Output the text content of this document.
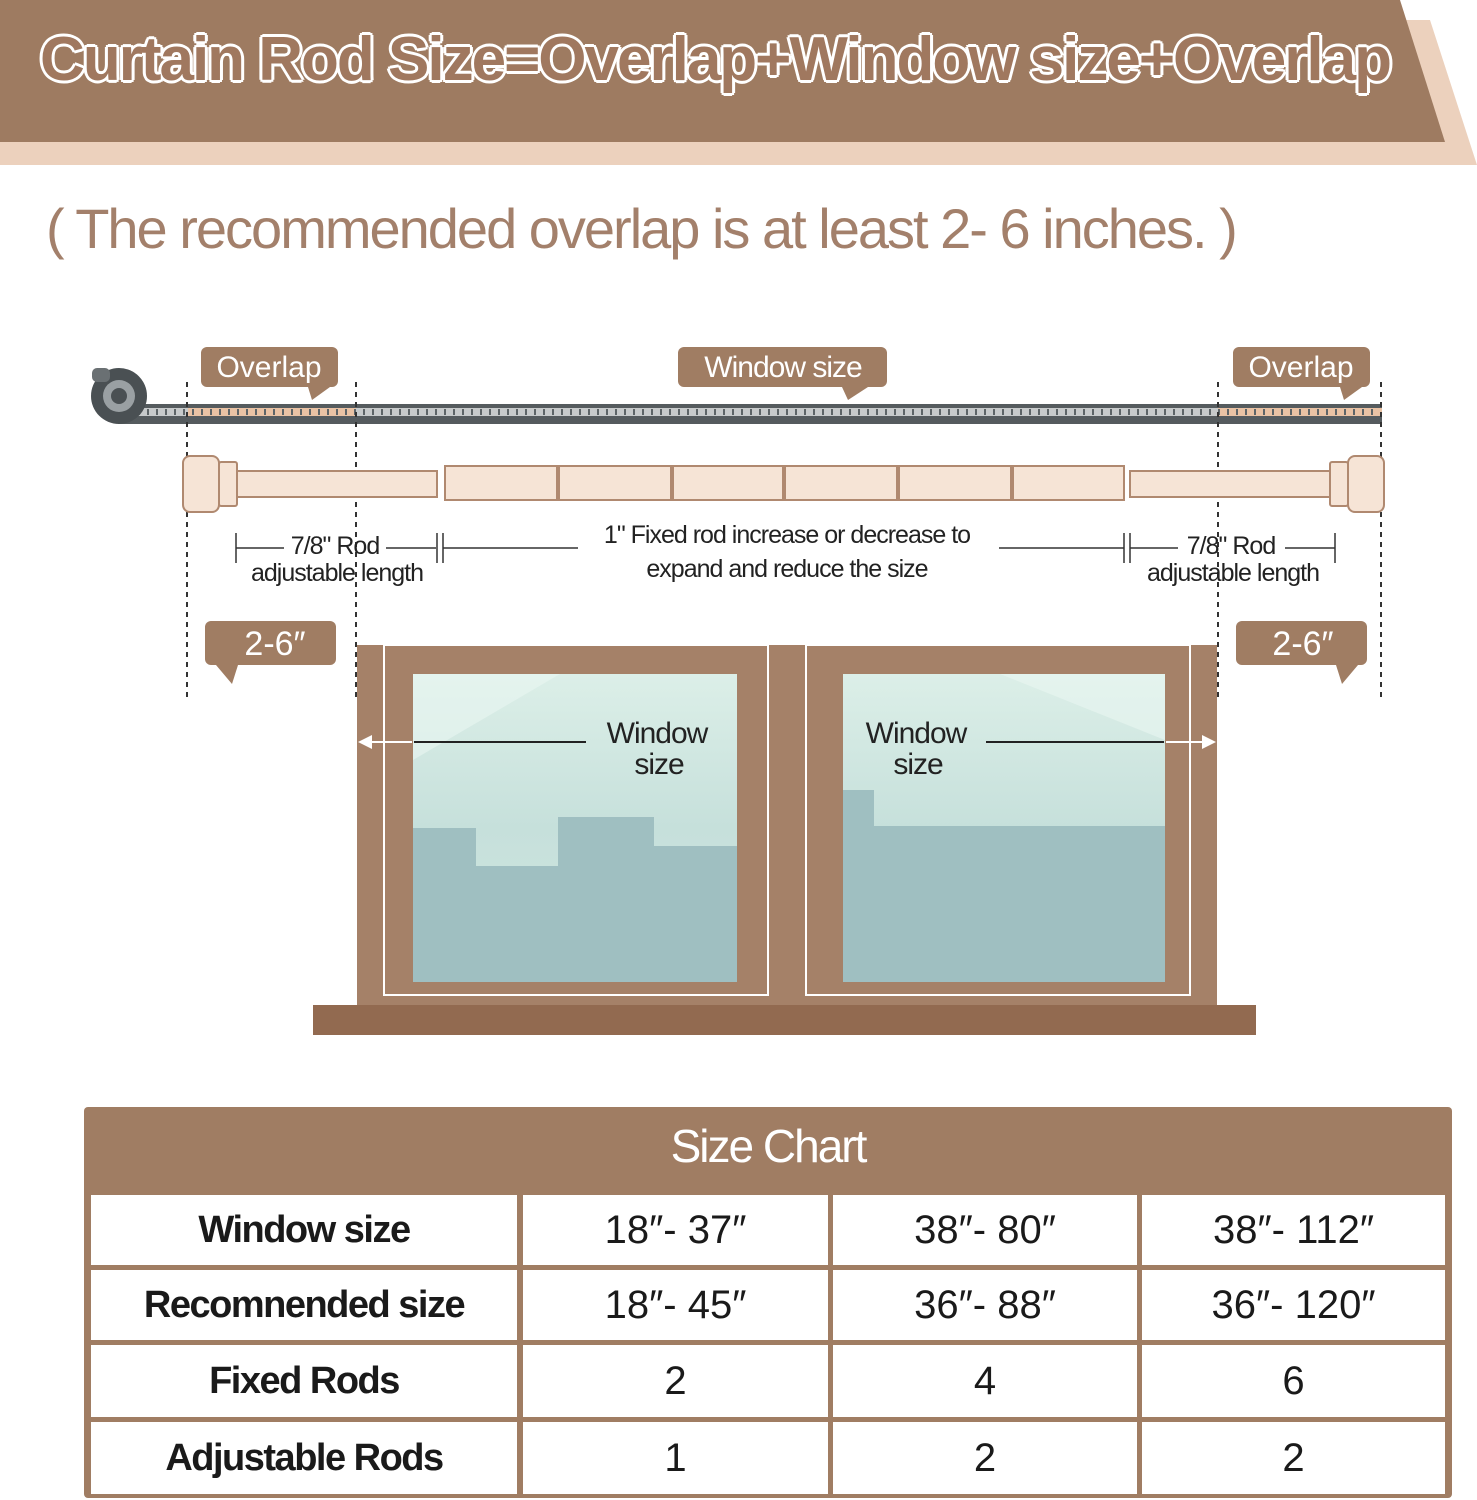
Curtain Rod Size=Overlap+Window size+Overlap
( The recommended overlap is at least 2- 6 inches. )
Overlap	Window size	Overlap
7/8" Rod
adjustable length
1" Fixed rod increase or decrease to
expand and reduce the size
7/8" Rod
adjustable length
2-6″	2-6″
Window
size
Window
size
Size Chart
Window size	18″- 37″	38″- 80″	38″- 112″
Recomnended size	18″- 45″	36″- 88″	36″- 120″
Fixed Rods	2	4	6
Adjustable Rods	1	2	2
